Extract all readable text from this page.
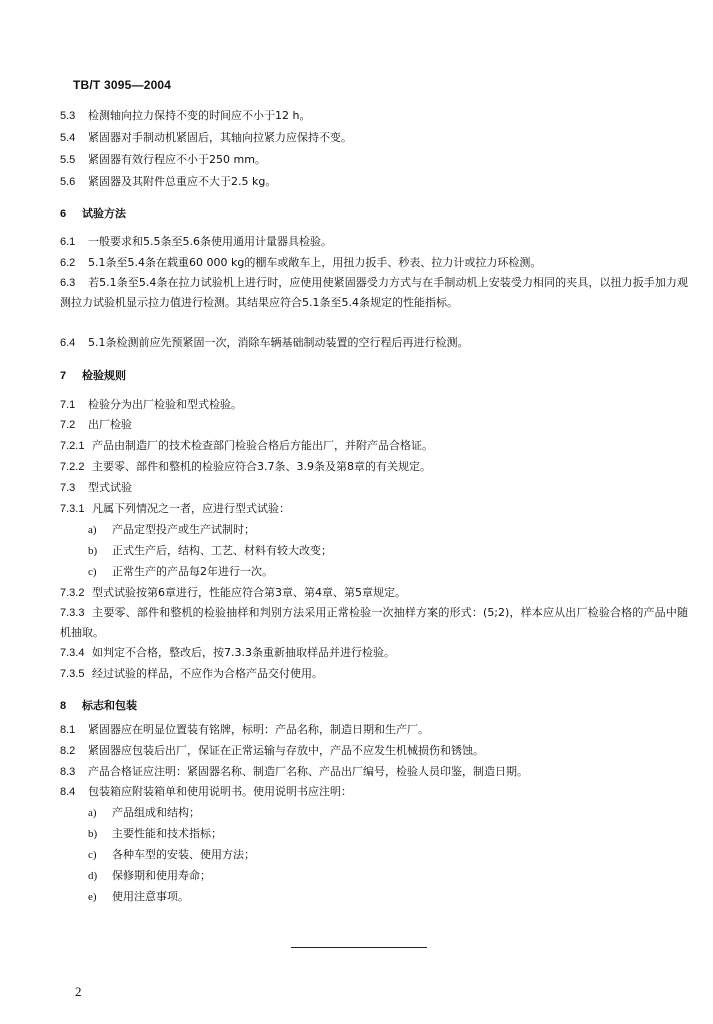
TB/T 3095—2004
5.3 检测轴向拉力保持不变的时间应不小于12 h。
5.4 紧固器对手制动机紧固后，其轴向拉紧力应保持不变。
5.5 紧固器有效行程应不小于250 mm。
5.6 紧固器及其附件总重应不大于2.5 kg。
6 试验方法
6.1 一般要求和5.5条至5.6条使用通用计量器具检验。
6.2 5.1条至5.4条在载重60 000 kg的棚车或敞车上，用扭力扳手、秒表、拉力计或拉力环检测。
6.3 若5.1条至5.4条在拉力试验机上进行时，应使用使紧固器受力方式与在手制动机上安装受力相同的夹具，以扭力扳手加力观测拉力试验机显示拉力值进行检测。其结果应符合5.1条至5.4条规定的性能指标。
6.4 5.1条检测前应先预紧固一次，消除车辆基础制动装置的空行程后再进行检测。
7 检验规则
7.1 检验分为出厂检验和型式检验。
7.2 出厂检验
7.2.1 产品由制造厂的技术检查部门检验合格后方能出厂，并附产品合格证。
7.2.2 主要零、部件和整机的检验应符合3.7条、3.9条及第8章的有关规定。
7.3 型式试验
7.3.1 凡属下列情况之一者，应进行型式试验：
a) 产品定型投产或生产试制时；
b) 正式生产后，结构、工艺、材料有较大改变；
c) 正常生产的产品每2年进行一次。
7.3.2 型式试验按第6章进行，性能应符合第3章、第4章、第5章规定。
7.3.3 主要零、部件和整机的检验抽样和判别方法采用正常检验一次抽样方案的形式：(5;2)，样本应从出厂检验合格的产品中随机抽取。
7.3.4 如判定不合格，整改后，按7.3.3条重新抽取样品并进行检验。
7.3.5 经过试验的样品，不应作为合格产品交付使用。
8 标志和包装
8.1 紧固器应在明显位置装有铭牌，标明：产品名称，制造日期和生产厂。
8.2 紧固器应包装后出厂，保证在正常运输与存放中，产品不应发生机械损伤和锈蚀。
8.3 产品合格证应注明：紧固器名称、制造厂名称、产品出厂编号，检验人员印鉴，制造日期。
8.4 包装箱应附装箱单和使用说明书。使用说明书应注明：
a) 产品组成和结构；
b) 主要性能和技术指标；
c) 各种车型的安装、使用方法；
d) 保修期和使用寿命；
e) 使用注意事项。
2
